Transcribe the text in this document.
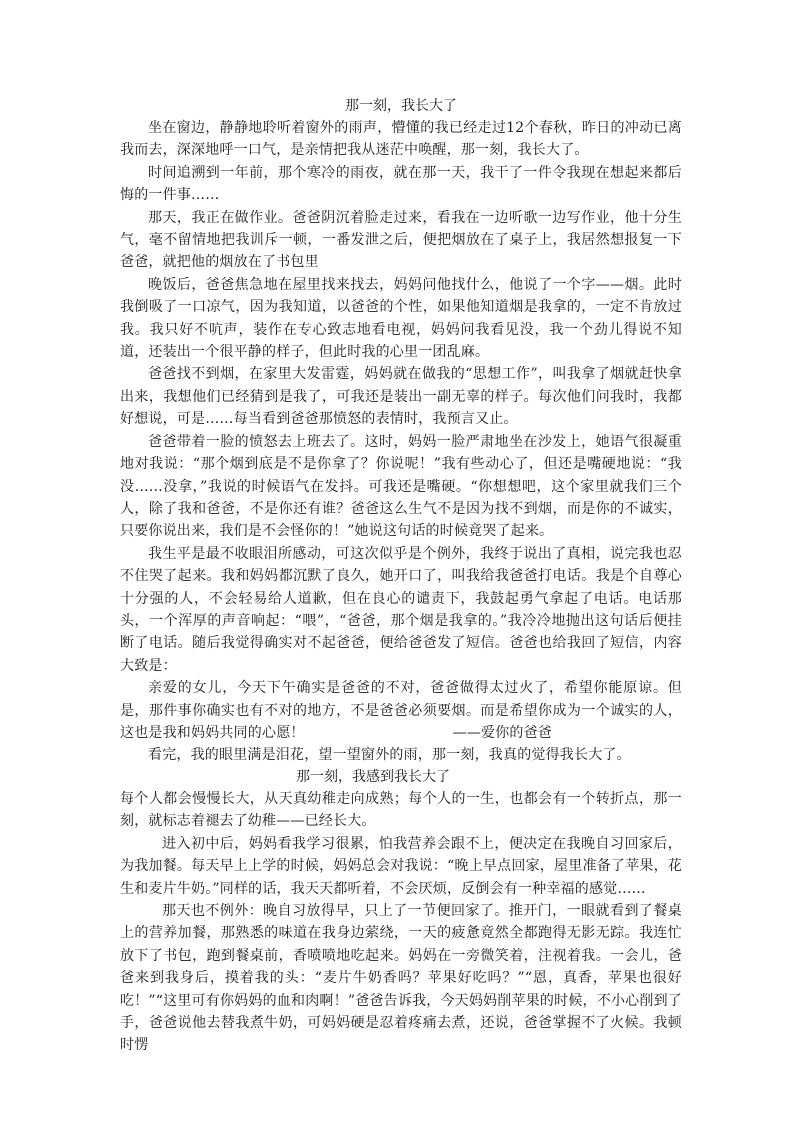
那一刻，我长大了

坐在窗边，静静地聆听着窗外的雨声，懵懂的我已经走过12个春秋，昨日的冲动已离我而去，深深地呼一口气，是亲情把我从迷茫中唤醒，那一刻，我长大了。

时间追溯到一年前，那个寒冷的雨夜，就在那一天，我干了一件令我现在想起来都后悔的一件事……

那天，我正在做作业。爸爸阴沉着脸走过来，看我在一边听歌一边写作业，他十分生气，毫不留情地把我训斥一顿，一番发泄之后，便把烟放在了桌子上，我居然想报复一下爸爸，就把他的烟放在了书包里

晚饭后，爸爸焦急地在屋里找来找去，妈妈问他找什么，他说了一个字——烟。此时我倒吸了一口凉气，因为我知道，以爸爸的个性，如果他知道烟是我拿的，一定不肯放过我。我只好不吭声，装作在专心致志地看电视，妈妈问我看见没，我一个劲儿得说不知道，还装出一个很平静的样子，但此时我的心里一团乱麻。

爸爸找不到烟，在家里大发雷霆，妈妈就在做我的“思想工作”，叫我拿了烟就赶快拿出来，我想他们已经猜到是我了，可我还是装出一副无辜的样子。每次他们问我时，我都好想说，可是……每当看到爸爸那愤怒的表情时，我预言又止。

爸爸带着一脸的愤怒去上班去了。这时，妈妈一脸严肃地坐在沙发上，她语气很凝重地对我说：“那个烟到底是不是你拿了？你说呢！”我有些动心了，但还是嘴硬地说：“我没……没拿，”我说的时候语气在发抖。可我还是嘴硬。“你想想吧，这个家里就我们三个人，除了我和爸爸，不是你还有谁？爸爸这么生气不是因为找不到烟，而是你的不诚实，只要你说出来，我们是不会怪你的！”她说这句话的时候竟哭了起来。

我生平是最不收眼泪所感动，可这次似乎是个例外，我终于说出了真相，说完我也忍不住哭了起来。我和妈妈都沉默了良久，她开口了，叫我给我爸爸打电话。我是个自尊心十分强的人，不会轻易给人道歉，但在良心的谴责下，我鼓起勇气拿起了电话。电话那头，一个浑厚的声音响起：“喂”，“爸爸，那个烟是我拿的。”我冷冷地抛出这句话后便挂断了电话。随后我觉得确实对不起爸爸，便给爸爸发了短信。爸爸也给我回了短信，内容大致是：

亲爱的女儿，今天下午确实是爸爸的不对，爸爸做得太过火了，希望你能原谅。但是，那件事你确实也有不对的地方，不是爸爸必须要烟。而是希望你成为一个诚实的人，这也是我和妈妈共同的心愿！	——爱你的爸爸

看完，我的眼里满是泪花，望一望窗外的雨，那一刻，我真的觉得我长大了。

那一刻，我感到我长大了

每个人都会慢慢长大，从天真幼稚走向成熟；每个人的一生，也都会有一个转折点，那一刻，就标志着褪去了幼稚——已经长大。

进入初中后，妈妈看我学习很累，怕我营养会跟不上，便决定在我晚自习回家后，为我加餐。每天早上上学的时候，妈妈总会对我说：“晚上早点回家，屋里准备了苹果，花生和麦片牛奶。”同样的话，我天天都听着，不会厌烦，反倒会有一种幸福的感觉……

那天也不例外：晚自习放得早，只上了一节便回家了。推开门，一眼就看到了餐桌上的营养加餐，那熟悉的味道在我身边萦绕，一天的疲惫竟然全都跑得无影无踪。我连忙放下了书包，跑到餐桌前，香喷喷地吃起来。妈妈在一旁微笑着，注视着我。一会儿，爸爸来到我身后，摸着我的头：“麦片牛奶香吗？苹果好吃吗？”“恩，真香，苹果也很好吃！”“这里可有你妈妈的血和肉啊！”爸爸告诉我，今天妈妈削苹果的时候，不小心削到了手，爸爸说他去替我煮牛奶，可妈妈硬是忍着疼痛去煮，还说，爸爸掌握不了火候。我顿时愣
